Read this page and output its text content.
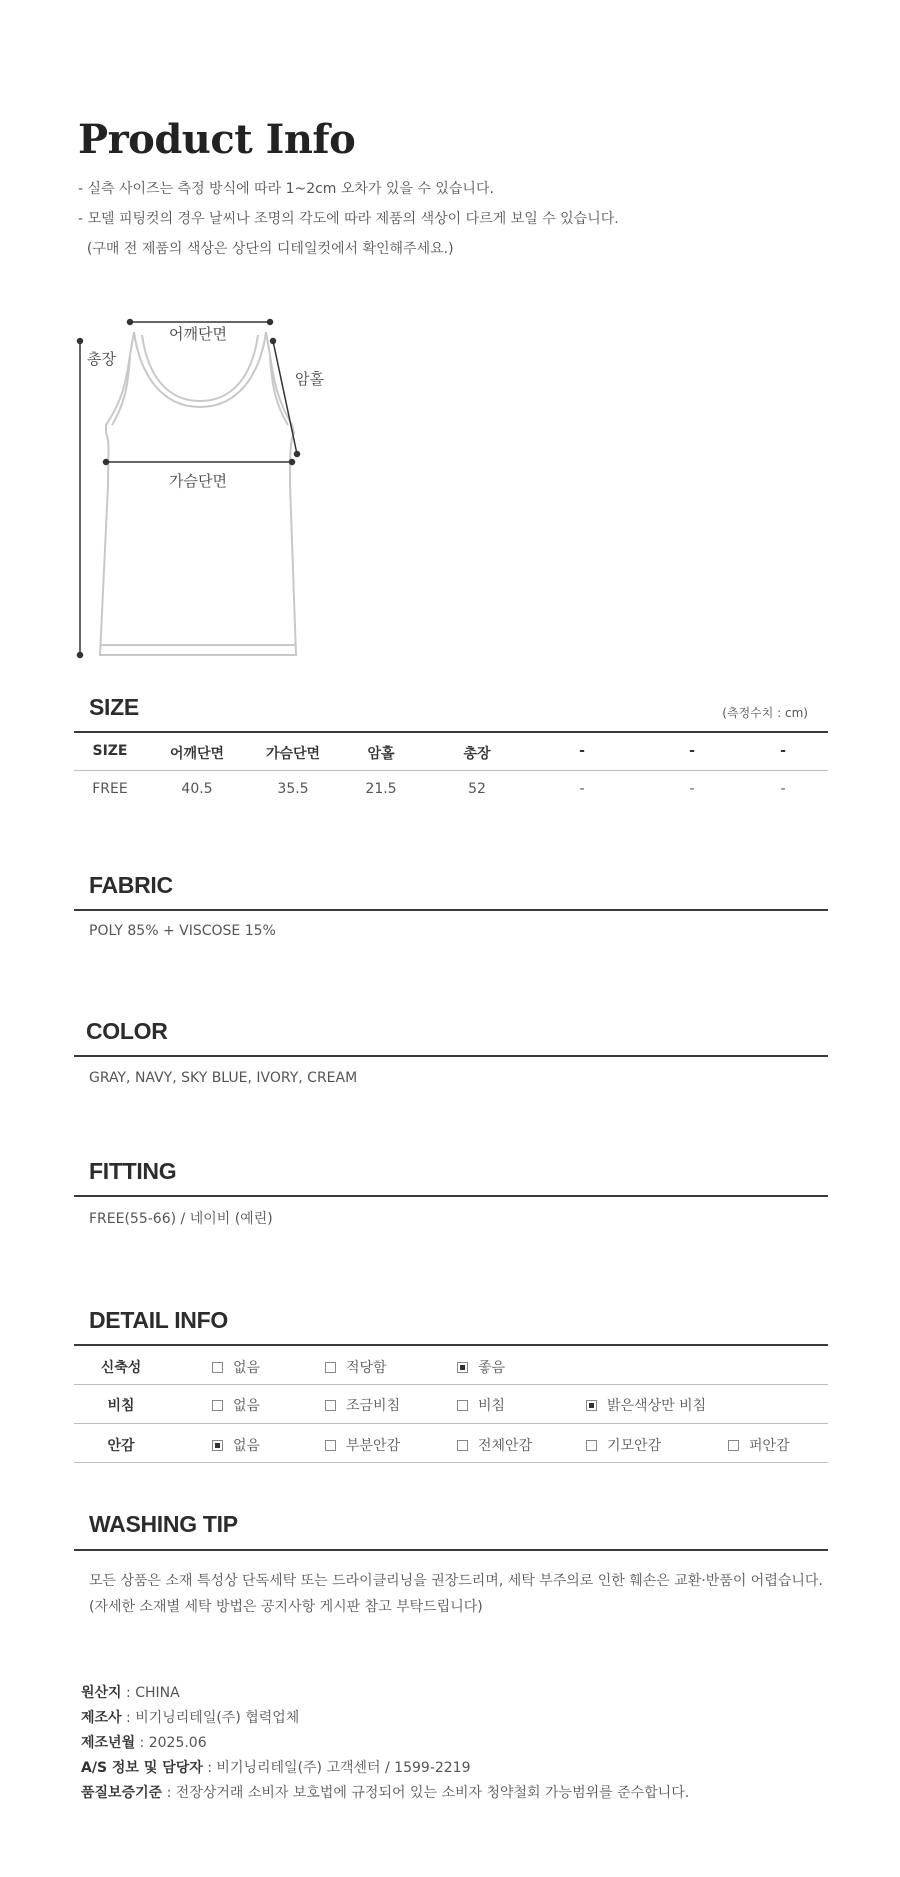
Product Info
- 실측 사이즈는 측정 방식에 따라 1~2cm 오차가 있을 수 있습니다.
- 모델 피팅컷의 경우 날씨나 조명의 각도에 따라 제품의 색상이 다르게 보일 수 있습니다.
(구매 전 제품의 색상은 상단의 디테일컷에서 확인해주세요.)
어깨단면
암홀
총장
가슴단면
SIZE	(측정수치 : cm)
SIZE	어깨단면	가슴단면	암홀	총장	-	-	-
FREE	40.5	35.5	21.5	52	-	-	-
FABRIC
POLY 85% + VISCOSE 15%
COLOR
GRAY, NAVY, SKY BLUE, IVORY, CREAM
FITTING
FREE(55-66) / 네이비 (예린)
DETAIL INFO
신축성	없음	적당함	좋음
비침	없음	조금비침	비침	밝은색상만 비침
안감	없음	부분안감	전체안감	기모안감	퍼안감
WASHING TIP
모든 상품은 소재 특성상 단독세탁 또는 드라이클리닝을 권장드리며, 세탁 부주의로 인한 훼손은 교환·반품이 어렵습니다.
(자세한 소재별 세탁 방법은 공지사항 게시판 참고 부탁드립니다)
원산지 : CHINA
제조사 : 비기닝리테일(주) 협력업체
제조년월 : 2025.06
A/S 정보 및 담당자 : 비기닝리테일(주) 고객센터 / 1599-2219
품질보증기준 : 전장상거래 소비자 보호법에 규정되어 있는 소비자 청약철회 가능범위를 준수합니다.
